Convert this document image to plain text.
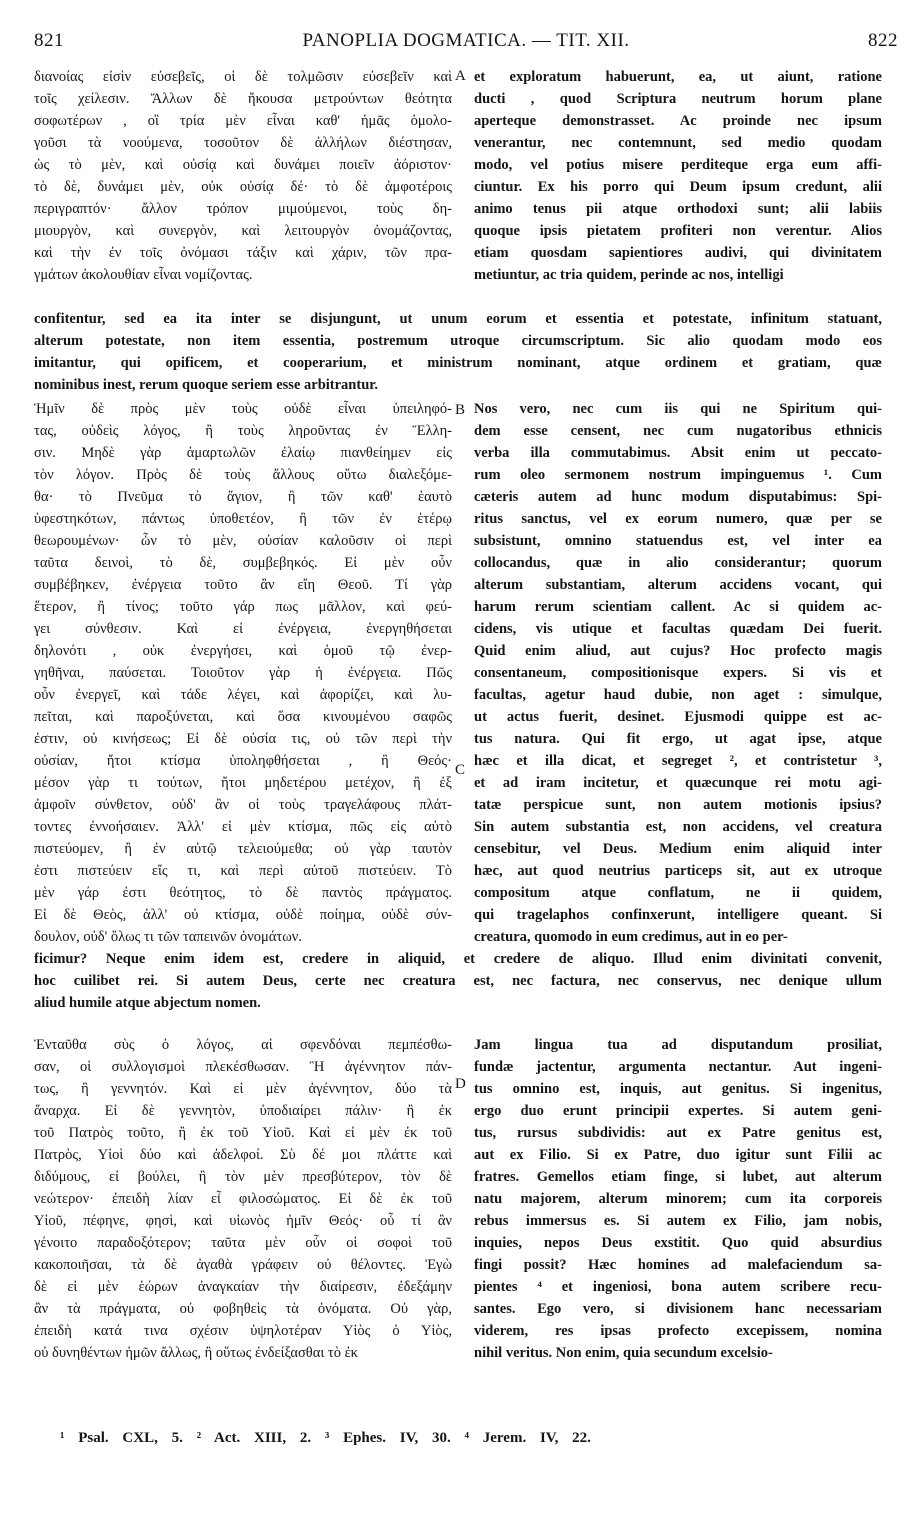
821	PANOPLIA DOGMATICA. — TIT. XII.	822
διανοίας εἰσὶν εὐσεβεῖς, οἱ δὲ τολμῶσιν εὐσεβεῖν καὶ
τοῖς χείλεσιν. Ἄλλων δὲ ἤκουσα μετρούντων θεότητα
σοφωτέρων , οἳ τρία μὲν εἶναι καθ' ἡμᾶς ὁμολο-
γοῦσι τὰ νοούμενα, τοσοῦτον δὲ ἀλλήλων διέστησαν,
ὡς τὸ μὲν, καὶ οὐσίᾳ καὶ δυνάμει ποιεῖν ἀόριστον·
τὸ δὲ, δυνάμει μὲν, οὐκ οὐσίᾳ δέ· τὸ δὲ ἀμφοτέροις
περιγραπτόν· ἄλλον τρόπον μιμούμενοι, τοὺς δη-
μιουργὸν, καὶ συνεργὸν, καὶ λειτουργὸν ὀνομάζοντας,
καὶ τὴν ἐν τοῖς ὀνόμασι τάξιν καὶ χάριν, τῶν πρα-
γμάτων ἀκολουθίαν εἶναι νομίζοντας.
et exploratum habuerunt, ea, ut aiunt, ratione
ducti , quod Scriptura neutrum horum plane
aperteque demonstrasset. Ac proinde nec ipsum
venerantur, nec contemnunt, sed medio quodam
modo, vel potius misere perditeque erga eum affi-
ciuntur. Ex his porro qui Deum ipsum credunt, alii
animo tenus pii atque orthodoxi sunt; alii labiis
quoque ipsis pietatem profiteri non verentur. Alios
etiam quosdam sapientiores audivi, qui divinitatem
metiuntur, ac tria quidem, perinde ac nos, intelligi
confitentur, sed ea ita inter se disjungunt, ut unum eorum et essentia et potestate, infinitum statuant,
alterum potestate, non item essentia, postremum utroque circumscriptum. Sic alio quodam modo eos
imitantur, qui opificem, et cooperarium, et ministrum nominant, atque ordinem et gratiam, quæ
nominibus inest, rerum quoque seriem esse arbitrantur.
Ἡμῖν δὲ πρὸς μὲν τοὺς οὐδὲ εἶναι ὑπειληφό-
τας, οὐδεὶς λόγος, ἢ τοὺς ληροῦντας ἐν Ἕλλη-
σιν. Μηδὲ γὰρ ἁμαρτωλῶν ἐλαίῳ πιανθείημεν εἰς
τὸν λόγον. Πρὸς δὲ τοὺς ἄλλους οὕτω διαλεξόμε-
θα· τὸ Πνεῦμα τὸ ἅγιον, ἢ τῶν καθ' ἑαυτὸ
ὑφεστηκότων, πάντως ὑποθετέον, ἢ τῶν ἐν ἑτέρῳ
θεωρουμένων· ὧν τὸ μὲν, οὐσίαν καλοῦσιν οἱ περὶ
ταῦτα δεινοὶ, τὸ δὲ, συμβεβηκός. Εἰ μὲν οὖν
συμβέβηκεν, ἐνέργεια τοῦτο ἂν εἴη Θεοῦ. Τί γὰρ
ἕτερον, ἢ τίνος; τοῦτο γάρ πως μᾶλλον, καὶ φεύ-
γει σύνθεσιν. Καὶ εἰ ἐνέργεια, ἐνεργηθήσεται
δηλονότι , οὐκ ἐνεργήσει, καὶ ὁμοῦ τῷ ἐνερ-
γηθῆναι, παύσεται. Τοιοῦτον γὰρ ἡ ἐνέργεια. Πῶς
οὖν ἐνεργεῖ, καὶ τάδε λέγει, καὶ ἀφορίζει, καὶ λυ-
πεῖται, καὶ παροξύνεται, καὶ ὅσα κινουμένου σαφῶς
ἐστιν, οὐ κινήσεως; Εἰ δὲ οὐσία τις, οὐ τῶν περὶ τὴν
οὐσίαν, ἤτοι κτίσμα ὑποληφθήσεται , ἢ Θεός·
μέσον γὰρ τι τούτων, ἤτοι μηδετέρου μετέχον, ἢ ἐξ
ἀμφοῖν σύνθετον, οὐδ' ἂν οἱ τοὺς τραγελάφους πλάτ-
τοντες ἐννοήσαιεν. Ἀλλ' εἰ μὲν κτίσμα, πῶς εἰς αὐτὸ
πιστεύομεν, ἢ ἐν αὐτῷ τελειούμεθα; οὐ γὰρ ταυτὸν
ἐστι πιστεύειν εἴς τι, καὶ περὶ αὐτοῦ πιστεύειν. Τὸ
μὲν γάρ ἐστι θεότητος, τὸ δὲ παντὸς πράγματος.
Εἰ δὲ Θεὸς, ἀλλ' οὐ κτίσμα, οὐδὲ ποίημα, οὐδὲ σύν-
δουλον, οὐδ' ὅλως τι τῶν ταπεινῶν ὀνομάτων.
Nos vero, nec cum iis qui ne Spiritum qui-
dem esse censent, nec cum nugatoribus ethnicis
verba illa commutabimus. Absit enim ut peccato-
rum oleo sermonem nostrum impinguemus ¹. Cum
cæteris autem ad hunc modum disputabimus: Spi-
ritus sanctus, vel ex eorum numero, quæ per se
subsistunt, omnino statuendus est, vel inter ea
collocandus, quæ in alio considerantur; quorum
alterum substantiam, alterum accidens vocant, qui
harum rerum scientiam callent. Ac si quidem ac-
cidens, vis utique et facultas quædam Dei fuerit.
Quid enim aliud, aut cujus? Hoc profecto magis
consentaneum, compositionisque expers. Si vis et
facultas, agetur haud dubie, non aget : simulque,
ut actus fuerit, desinet. Ejusmodi quippe est ac-
tus natura. Qui fit ergo, ut agat ipse, atque
hæc et illa dicat, et segreget ², et contristetur ³,
et ad iram incitetur, et quæcunque rei motu agi-
tatæ perspicue sunt, non autem motionis ipsius?
Sin autem substantia est, non accidens, vel creatura
censebitur, vel Deus. Medium enim aliquid inter
hæc, aut quod neutrius particeps sit, aut ex utroque
compositum atque conflatum, ne ii quidem,
qui tragelaphos confinxerunt, intelligere queant. Si
creatura, quomodo in eum credimus, aut in eo per-
ficimur? Neque enim idem est, credere in aliquid, et credere de aliquo. Illud enim divinitati convenit,
hoc cuilibet rei. Si autem Deus, certe nec creatura est, nec factura, nec conservus, nec denique ullum
aliud humile atque abjectum nomen.
Ἐνταῦθα σὺς ὁ λόγος, αἱ σφενδόναι πεμπέσθω-
σαν, οἱ συλλογισμοὶ πλεκέσθωσαν. Ἢ ἀγέννητον πάν-
τως, ἢ γεννητόν. Καὶ εἰ μὲν ἀγέννητον, δύο τὰ
ἄναρχα. Εἰ δὲ γεννητὸν, ὑποδιαίρει πάλιν· ἢ ἐκ
τοῦ Πατρὸς τοῦτο, ἢ ἐκ τοῦ Υἱοῦ. Καὶ εἰ μὲν ἐκ τοῦ
Πατρὸς, Υἱοὶ δύο καὶ ἀδελφοί. Σὺ δέ μοι πλάττε καὶ
διδύμους, εἰ βούλει, ἢ τὸν μὲν πρεσβύτερον, τὸν δὲ
νεώτερον· ἐπειδὴ λίαν εἶ φιλοσώματος. Εἰ δὲ ἐκ τοῦ
Υἱοῦ, πέφηνε, φησὶ, καὶ υἱωνὸς ἡμῖν Θεός· οὗ τί ἂν
γένοιτο παραδοξότερον; ταῦτα μὲν οὖν οἱ σοφοὶ τοῦ
κακοποιῆσαι, τὰ δὲ ἀγαθὰ γράφειν οὐ θέλοντες. Ἐγὼ
δὲ εἰ μὲν ἑώρων ἀναγκαίαν τὴν διαίρεσιν, ἐδεξάμην
ἂν τὰ πράγματα, οὐ φοβηθεὶς τὰ ὀνόματα. Οὐ γὰρ,
ἐπειδὴ κατά τινα σχέσιν ὑψηλοτέραν Υἱὸς ὁ Υἱὸς,
οὐ δυνηθέντων ἡμῶν ἄλλως, ἢ οὕτως ἐνδείξασθαι τὸ ἐκ
Jam lingua tua ad disputandum prosiliat,
fundæ jactentur, argumenta nectantur. Aut ingeni-
tus omnino est, inquis, aut genitus. Si ingenitus,
ergo duo erunt principii expertes. Si autem geni-
tus, rursus subdividis: aut ex Patre genitus est,
aut ex Filio. Si ex Patre, duo igitur sunt Filii ac
fratres. Gemellos etiam finge, si lubet, aut alterum
natu majorem, alterum minorem; cum ita corporeis
rebus immersus es. Si autem ex Filio, jam nobis,
inquies, nepos Deus exstitit. Quo quid absurdius
fingi possit? Hæc homines ad malefaciendum sa-
pientes ⁴ et ingeniosi, bona autem scribere recu-
santes. Ego vero, si divisionem hanc necessariam
viderem, res ipsas profecto excepissem, nomina
nihil veritus. Non enim, quia secundum excelsio-
A
B
C
D
¹ Psal. CXL, 5. ² Act. XIII, 2. ³ Ephes. IV, 30. ⁴ Jerem. IV, 22.
